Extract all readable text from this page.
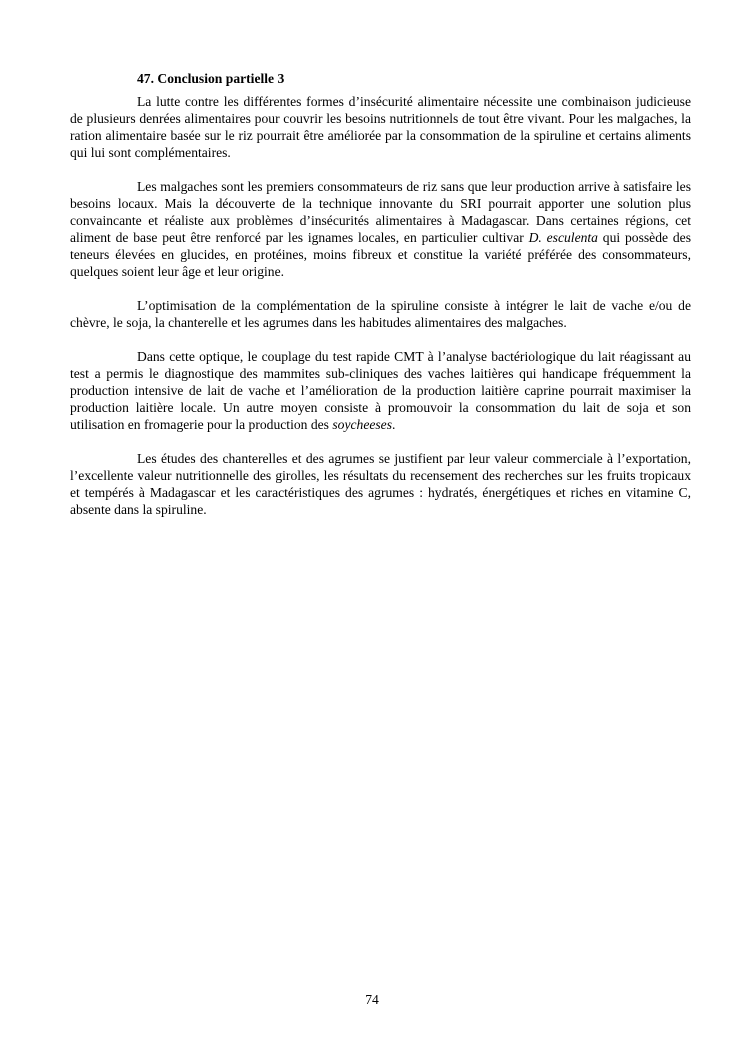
47. Conclusion partielle 3

La lutte contre les différentes formes d’insécurité alimentaire nécessite une combinaison judicieuse de plusieurs denrées alimentaires pour couvrir les besoins nutritionnels de tout être vivant. Pour les malgaches, la ration alimentaire basée sur le riz pourrait être améliorée par la consommation de la spiruline et certains aliments qui lui sont complémentaires.

Les malgaches sont les premiers consommateurs de riz sans que leur production arrive à satisfaire les besoins locaux. Mais la découverte de la technique innovante du SRI pourrait apporter une solution plus convaincante et réaliste aux problèmes d’insécurités alimentaires à Madagascar. Dans certaines régions, cet aliment de base peut être renforcé par les ignames locales, en particulier cultivar D. esculenta qui possède des teneurs élevées en glucides, en protéines, moins fibreux et constitue la variété préférée des consommateurs, quelques soient leur âge et leur origine.

L’optimisation de la complémentation de la spiruline consiste à intégrer le lait de vache e/ou de chèvre, le soja, la chanterelle et les agrumes dans les habitudes alimentaires des malgaches.

Dans cette optique, le couplage du test rapide CMT à l’analyse bactériologique du lait réagissant au test a permis le diagnostique des mammites sub-cliniques des vaches laitières qui handicape fréquemment la production intensive de lait de vache et l’amélioration de la production laitière caprine pourrait maximiser la production laitière locale. Un autre moyen consiste à promouvoir la consommation du lait de soja et son utilisation en fromagerie pour la production des soycheeses.

Les études des chanterelles et des agrumes se justifient par leur valeur commerciale à l’exportation, l’excellente valeur nutritionnelle des girolles, les résultats du recensement des recherches sur les fruits tropicaux et tempérés à Madagascar et les caractéristiques des agrumes : hydratés, énergétiques et riches en vitamine C, absente dans la spiruline.

74
